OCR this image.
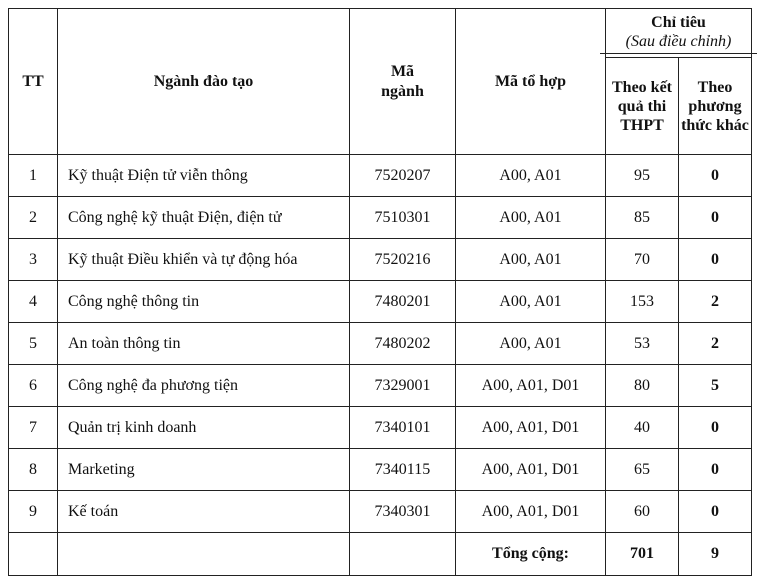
TT	Ngành đào tạo	Mã ngành	Mã tổ hợp	Chỉ tiêu
(Sau điều chỉnh)	

				Theo kết quả thi THPT	Theo phương thức khác
1	Kỹ thuật Điện tử viễn thông	7520207	A00, A01	95	0
2	Công nghệ kỹ thuật Điện, điện tử	7510301	A00, A01	85	0
3	Kỹ thuật Điều khiển và tự động hóa	7520216	A00, A01	70	0
4	Công nghệ thông tin	7480201	A00, A01	153	2
5	An toàn thông tin	7480202	A00, A01	53	2
6	Công nghệ đa phương tiện	7329001	A00, A01, D01	80	5
7	Quản trị kinh doanh	7340101	A00, A01, D01	40	0
8	Marketing	7340115	A00, A01, D01	65	0
9	Kế toán	7340301	A00, A01, D01	60	0
			Tổng cộng:	701	9
